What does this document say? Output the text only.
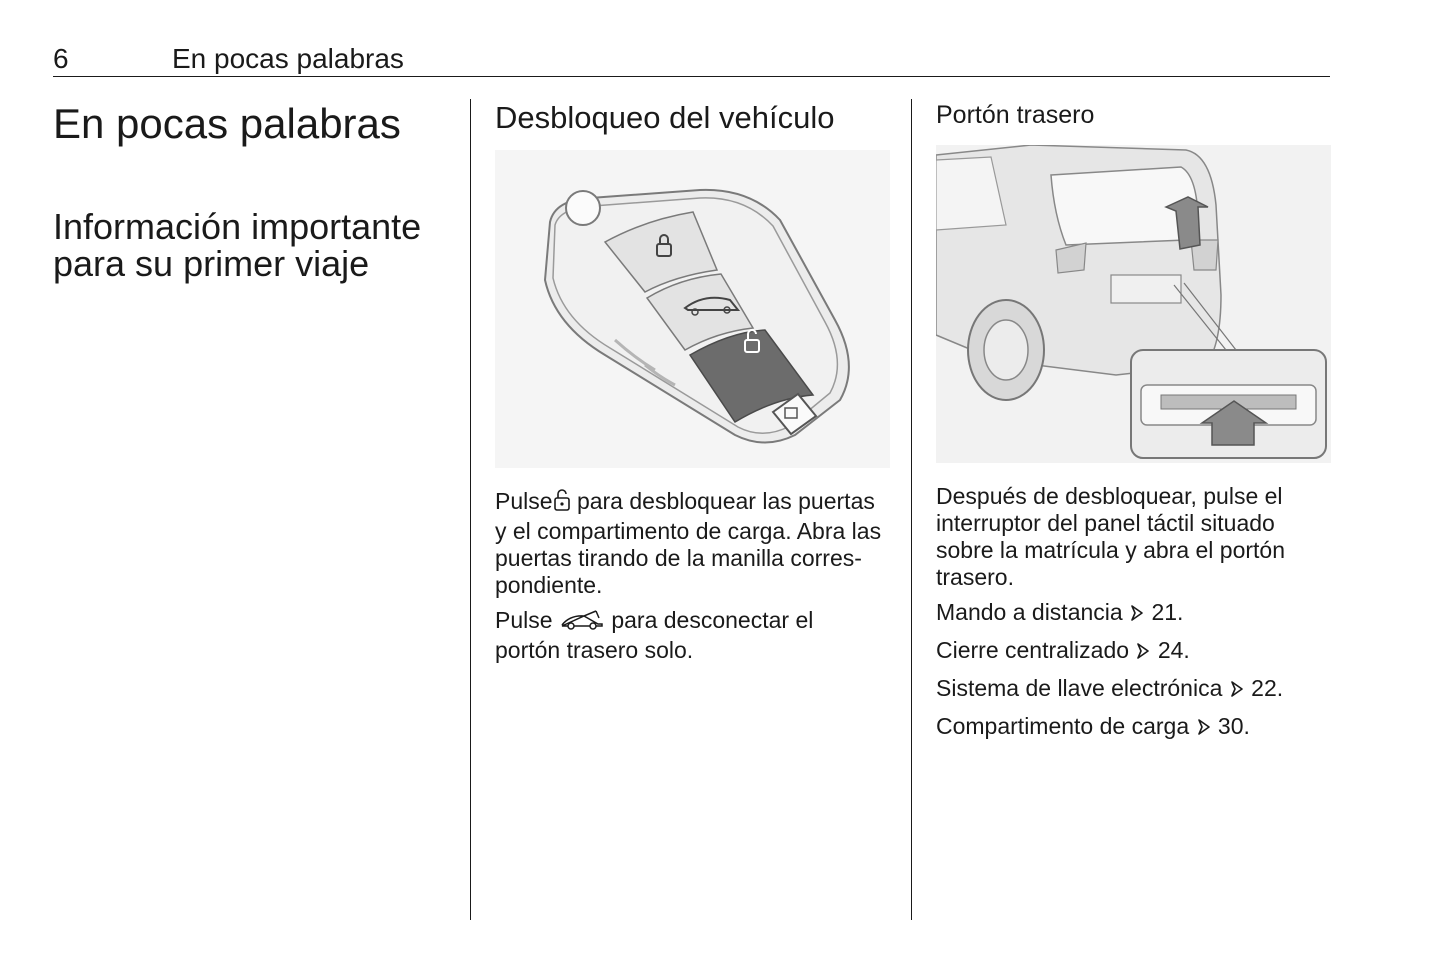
6	En pocas palabras
En pocas palabras
Información importante
para su primer viaje
Desbloqueo del vehículo

Pulse para desbloquear las puertas
y el compartimento de carga. Abra las
puertas tirando de la manilla corres-
pondiente.

Pulse	para desconectar el
portón trasero solo.

Portón trasero

Después de desbloquear, pulse el
interruptor del panel táctil situado
sobre la matrícula y abra el portón
trasero.

Mando a distancia 21.

Cierre centralizado 24.

Sistema de llave electrónica 22.

Compartimento de carga 30.
